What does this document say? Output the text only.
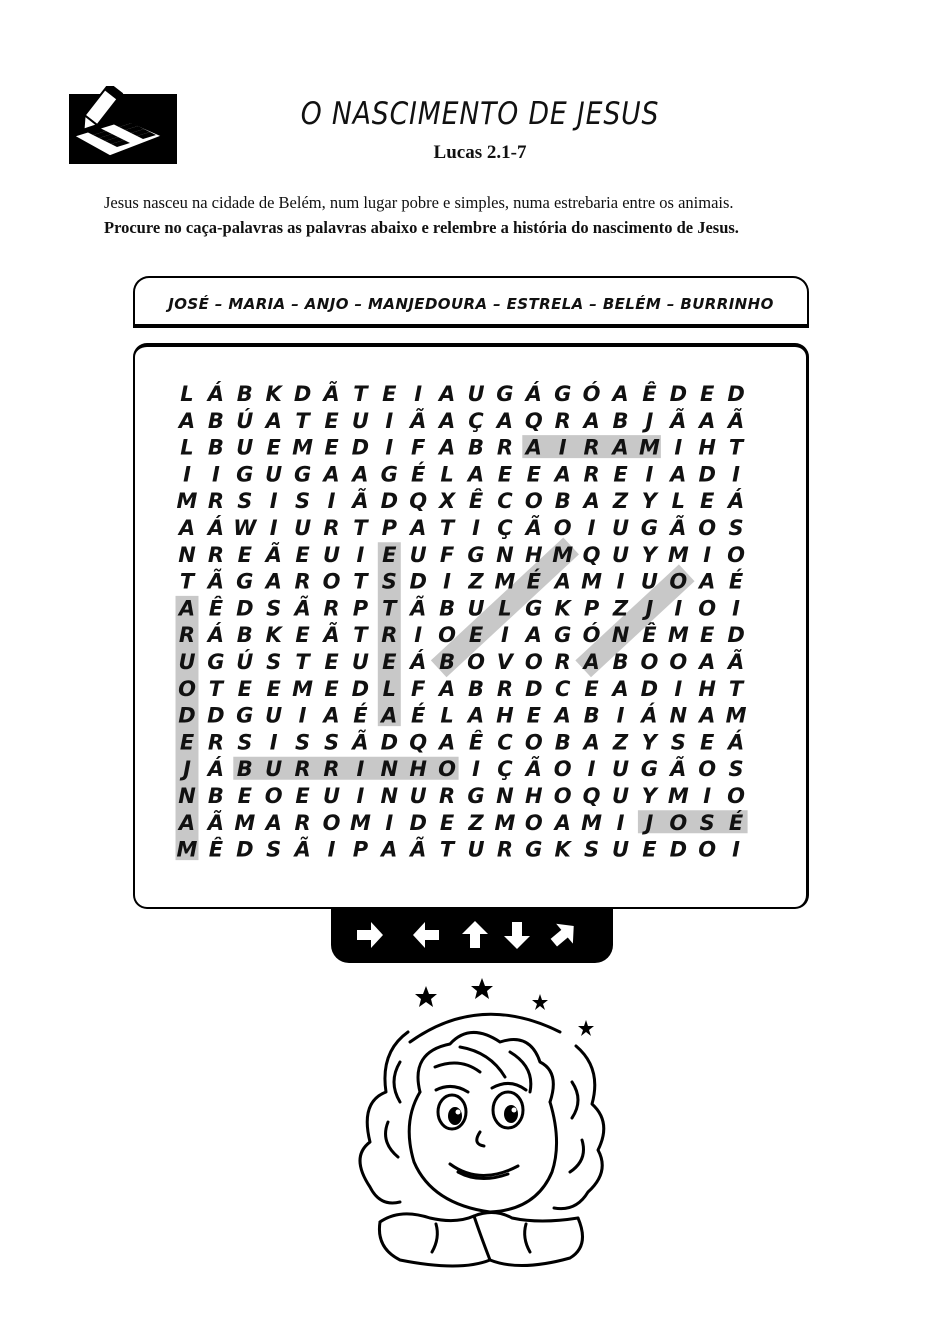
O NASCIMENTO DE JESUS
Lucas 2.1-7
Jesus nasceu na cidade de Belém, num lugar pobre e simples, numa estrebaria entre os animais.
Procure no caça-palavras as palavras abaixo e relembre a história do nascimento de Jesus.
JOSÉ – MARIA – ANJO – MANJEDOURA – ESTRELA – BELÉM – BURRINHO
L Á B K D Ã T E I A U G Á G Ó A Ê D E D
A B Ú A T E U I Ã A Ç A Q R A B J Ã A Ã
L B U E M E D I F A B R A I R A M I H T
I I G U G A A G É L A E E A R E I A D I
M R S I S I Ã D Q X Ê C O B A Z Y L E Á
A Á W I U R T P A T I Ç Ã O I U G Ã O S
N R E Ã E U I E U F G N H M Q U Y M I O
T Ã G A R O T S D I Z M É A M I U O A É
A Ê D S Ã R P T Ã B U L G K P Z J I O I
R Á B K E Ã T R I O E I A G Ó N Ê M E D
U G Ú S T E U E Á B O V O R A B O O A Ã
O T E E M E D L F A B R D C E A D I H T
D D G U I A É A É L A H E A B I Á N A M
E R S I S S Ã D Q A Ê C O B A Z Y S E Á
J Á B U R R I N H O I Ç Ã O I U G Ã O S
N B E O E U I N U R G N H O Q U Y M I O
A Ã M A R O M I D E Z M O A M I J O S É
M Ê D S Ã I P A Ã T U R G K S U E D O I
